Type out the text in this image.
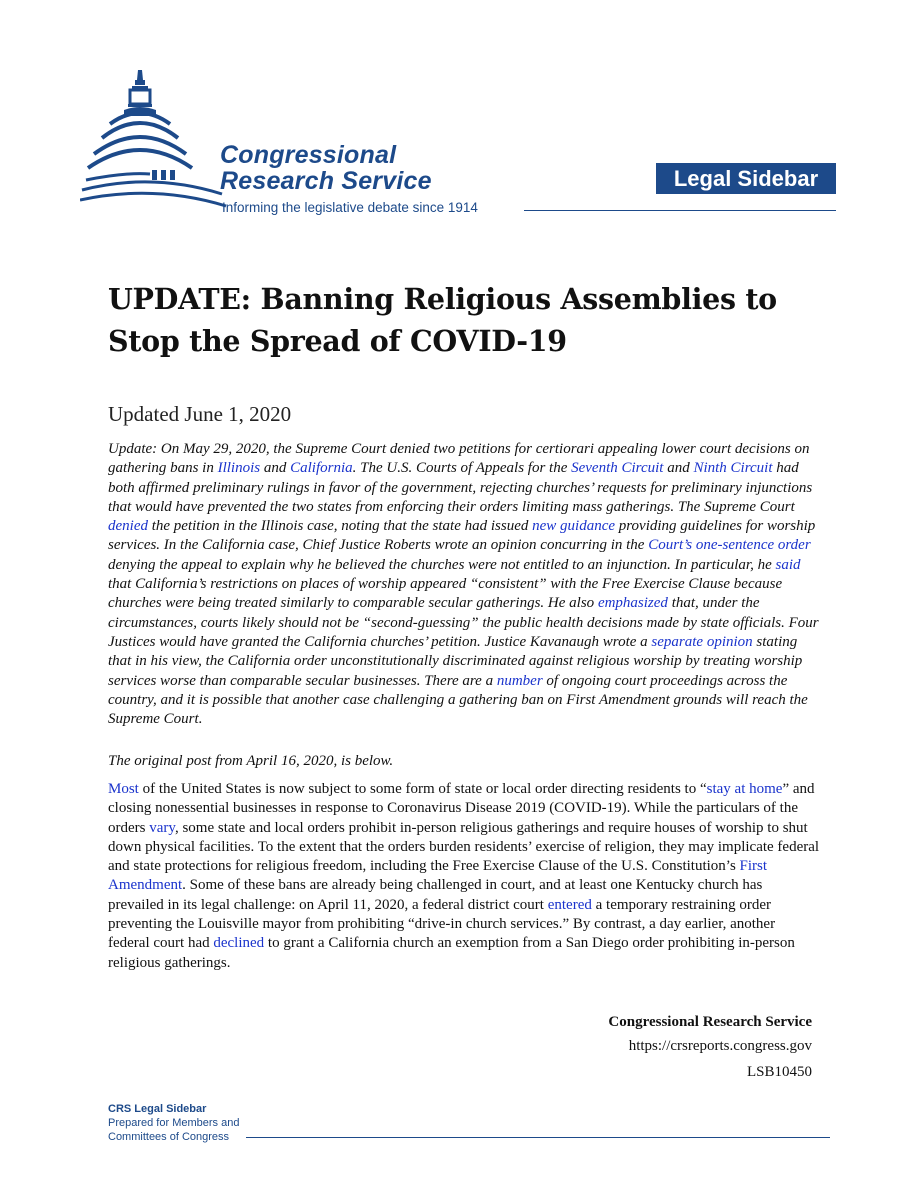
Congressional
Research Service
Informing the legislative debate since 1914
Legal Sidebar
UPDATE: Banning Religious Assemblies to Stop the Spread of COVID-19
Updated June 1, 2020

Update: On May 29, 2020, the Supreme Court denied two petitions for certiorari appealing lower court decisions on gathering bans in Illinois and California. The U.S. Courts of Appeals for the Seventh Circuit and Ninth Circuit had both affirmed preliminary rulings in favor of the government, rejecting churches’ requests for preliminary injunctions that would have prevented the two states from enforcing their orders limiting mass gatherings. The Supreme Court denied the petition in the Illinois case, noting that the state had issued new guidance providing guidelines for worship services. In the California case, Chief Justice Roberts wrote an opinion concurring in the Court’s one-sentence order denying the appeal to explain why he believed the churches were not entitled to an injunction. In particular, he said that California’s restrictions on places of worship appeared “consistent” with the Free Exercise Clause because churches were being treated similarly to comparable secular gatherings. He also emphasized that, under the circumstances, courts likely should not be “second-guessing” the public health decisions made by state officials. Four Justices would have granted the California churches’ petition. Justice Kavanaugh wrote a separate opinion stating that in his view, the California order unconstitutionally discriminated against religious worship by treating worship services worse than comparable secular businesses. There are a number of ongoing court proceedings across the country, and it is possible that another case challenging a gathering ban on First Amendment grounds will reach the Supreme Court.

The original post from April 16, 2020, is below.

Most of the United States is now subject to some form of state or local order directing residents to “stay at home” and closing nonessential businesses in response to Coronavirus Disease 2019 (COVID-19). While the particulars of the orders vary, some state and local orders prohibit in-person religious gatherings and require houses of worship to shut down physical facilities. To the extent that the orders burden residents’ exercise of religion, they may implicate federal and state protections for religious freedom, including the Free Exercise Clause of the U.S. Constitution’s First Amendment. Some of these bans are already being challenged in court, and at least one Kentucky church has prevailed in its legal challenge: on April 11, 2020, a federal district court entered a temporary restraining order preventing the Louisville mayor from prohibiting “drive-in church services.” By contrast, a day earlier, another federal court had declined to grant a California church an exemption from a San Diego order prohibiting in-person religious gatherings.

Congressional Research Service
https://crsreports.congress.gov
LSB10450
CRS Legal Sidebar
Prepared for Members and
Committees of Congress
